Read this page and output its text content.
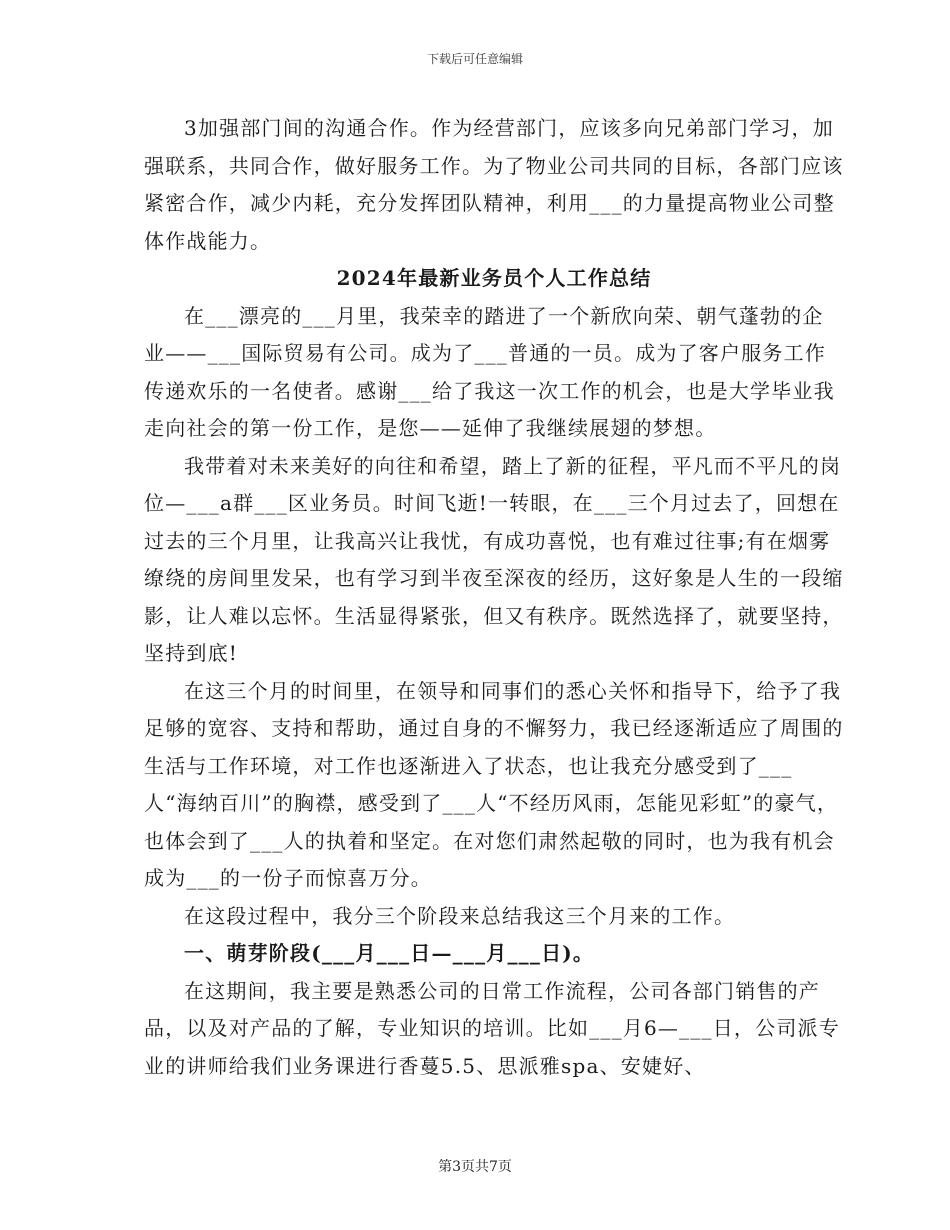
下载后可任意编辑

3加强部门间的沟通合作。作为经营部门，应该多向兄弟部门学习，加强联系，共同合作，做好服务工作。为了物业公司共同的目标，各部门应该紧密合作，减少内耗，充分发挥团队精神，利用___的力量提高物业公司整体作战能力。

2024年最新业务员个人工作总结

在___漂亮的___月里，我荣幸的踏进了一个新欣向荣、朝气蓬勃的企业——___国际贸易有公司。成为了___普通的一员。成为了客户服务工作传递欢乐的一名使者。感谢___给了我这一次工作的机会，也是大学毕业我走向社会的第一份工作，是您——延伸了我继续展翅的梦想。

我带着对未来美好的向往和希望，踏上了新的征程，平凡而不平凡的岗位—___a群___区业务员。时间飞逝!一转眼，在___三个月过去了，回想在过去的三个月里，让我高兴让我忧，有成功喜悦，也有难过往事;有在烟雾缭绕的房间里发呆，也有学习到半夜至深夜的经历，这好象是人生的一段缩影，让人难以忘怀。生活显得紧张，但又有秩序。既然选择了，就要坚持，坚持到底!

在这三个月的时间里，在领导和同事们的悉心关怀和指导下，给予了我足够的宽容、支持和帮助，通过自身的不懈努力，我已经逐渐适应了周围的生活与工作环境，对工作也逐渐进入了状态，也让我充分感受到了___人“海纳百川”的胸襟，感受到了___人“不经历风雨，怎能见彩虹”的豪气，也体会到了___人的执着和坚定。在对您们肃然起敬的同时，也为我有机会成为___的一份子而惊喜万分。

在这段过程中，我分三个阶段来总结我这三个月来的工作。

一、萌芽阶段(___月___日—___月___日)。

在这期间，我主要是熟悉公司的日常工作流程，公司各部门销售的产品，以及对产品的了解，专业知识的培训。比如___月6—___日，公司派专业的讲师给我们业务课进行香蔓5.5、思派雅spa、安婕好、

第3页共7页
